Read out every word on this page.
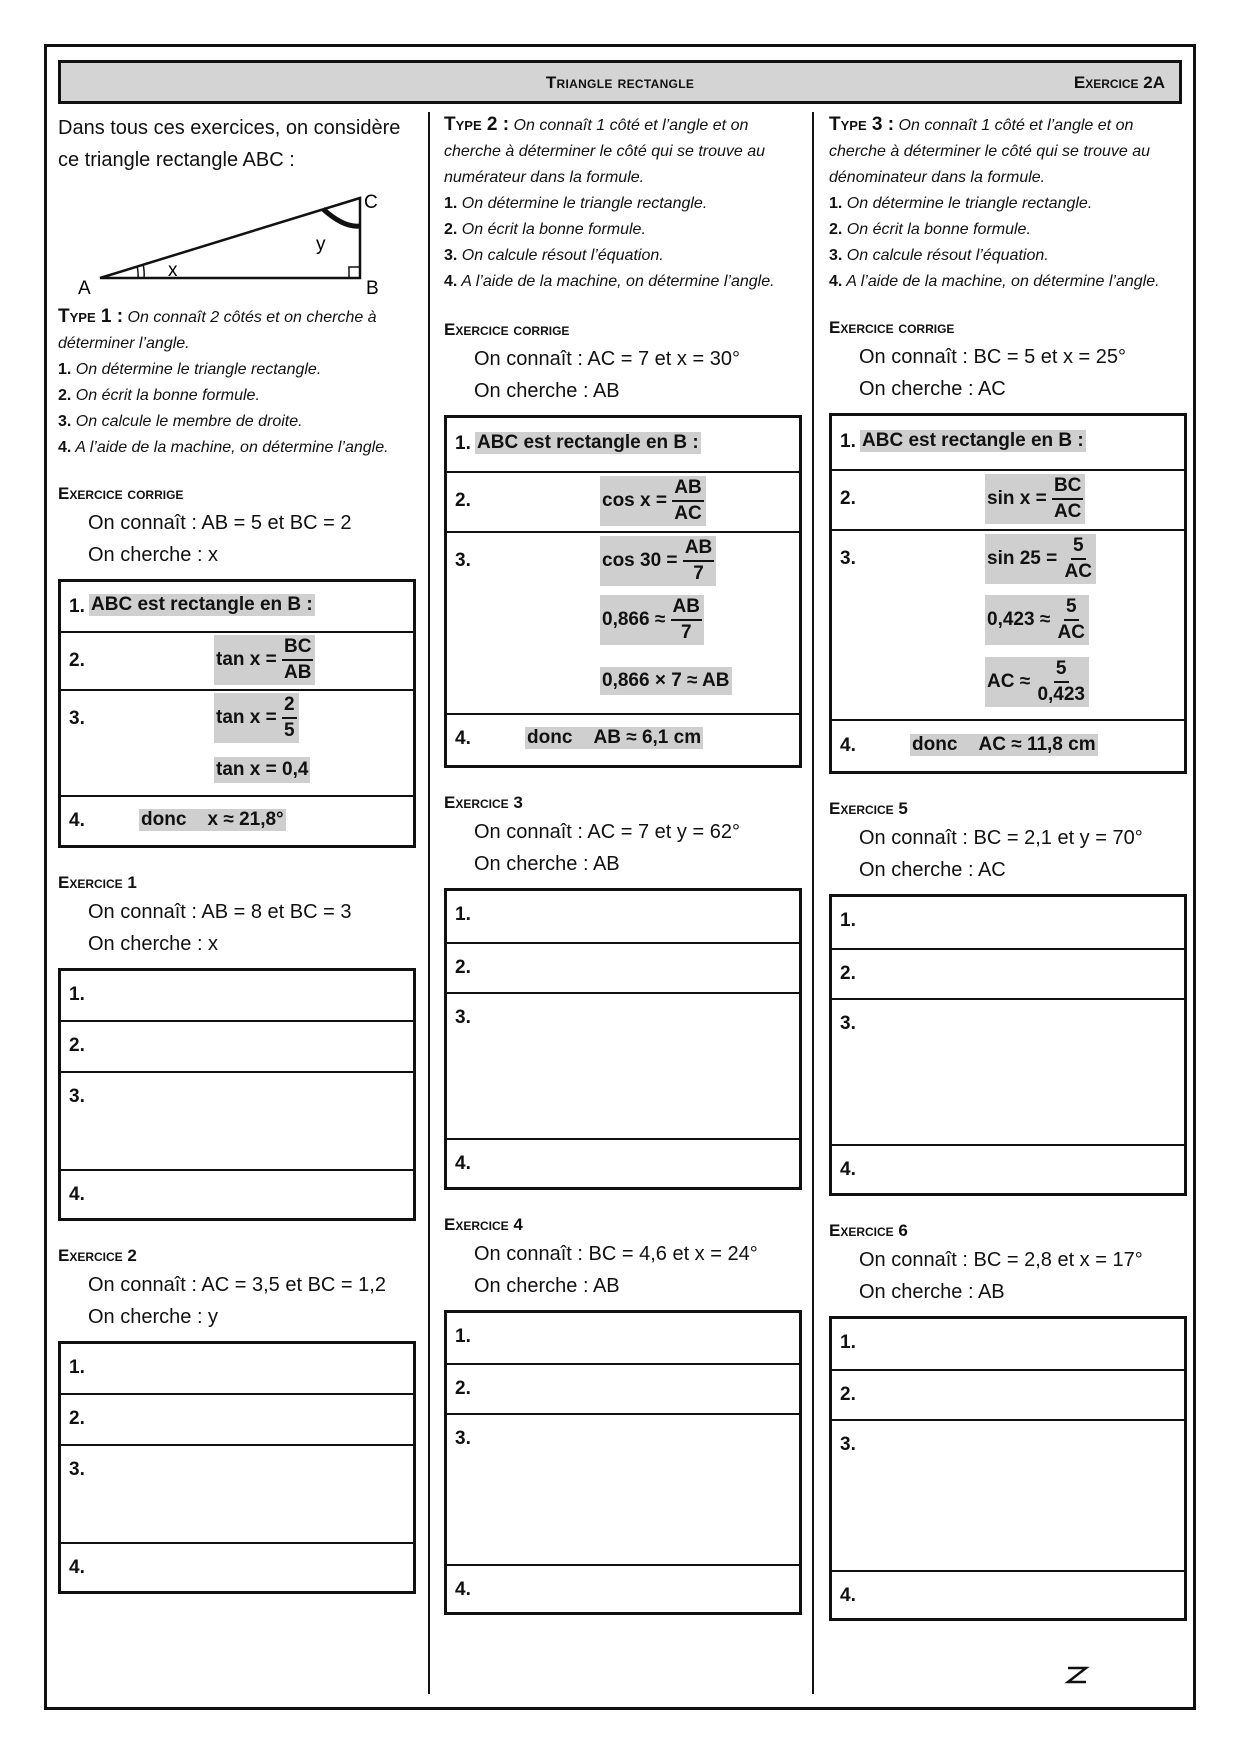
Triangle rectangle	Exercice 2A
Dans tous ces exercices, on considère
ce triangle rectangle ABC :
A	B
C
x
y
Type 1 : On connaît 2 côtés et on cherche à déterminer l’angle.
1. On détermine le triangle rectangle.
2. On écrit la bonne formule.
3. On calcule le membre de droite.
4. A l’aide de la machine, on détermine l’angle.
Exercice corrige
On connaît : AB = 5 et BC = 2
On cherche : x
1. ABC est rectangle en B :
2.	tan x =
$\frac{BC}{AB}$
3.	tan x =
$\frac{2}{5}$
tan x = 0,4
4.	donc x ≈ 21,8°
Exercice 1
On connaît : AB = 8 et BC = 3
On cherche : x
1.
2.
3.
4.
Exercice 2
On connaît : AC = 3,5 et BC = 1,2
On cherche : y
1.
2.
3.
4.
Type 2 : On connaît 1 côté et l’angle et on cherche à déterminer le côté qui se trouve au numérateur dans la formule.
1. On détermine le triangle rectangle.
2. On écrit la bonne formule.
3. On calcule résout l’équation.
4. A l’aide de la machine, on détermine l’angle.
Exercice corrige
On connaît : AC = 7 et x = 30°
On cherche : AB
1. ABC est rectangle en B :
2.	cos x =
$\frac{AB}{AC}$
3.	cos 30 =
$\frac{AB}{7}$
0,866 ≈
$\frac{AB}{7}$
0,866 × 7 ≈ AB
4.	donc AB ≈ 6,1 cm
Exercice 3
On connaît : AC = 7 et y = 62°
On cherche : AB
1.
2.
3.
4.
Exercice 4
On connaît : BC = 4,6 et x = 24°
On cherche : AB
1.
2.
3.
4.
Type 3 : On connaît 1 côté et l’angle et on cherche à déterminer le côté qui se trouve au dénominateur dans la formule.
1. On détermine le triangle rectangle.
2. On écrit la bonne formule.
3. On calcule résout l’équation.
4. A l’aide de la machine, on détermine l’angle.
Exercice corrige
On connaît : BC = 5 et x = 25°
On cherche : AC
1. ABC est rectangle en B :
2.	sin x =
$\frac{BC}{AC}$
3.	sin 25 =
$\frac{5}{AC}$
0,423 ≈
$\frac{5}{AC}$
AC ≈
$\frac{5}{0,423}$
4.	donc AC ≈ 11,8 cm
Exercice 5
On connaît : BC = 2,1 et y = 70°
On cherche : AC
1.
2.
3.
4.
Exercice 6
On connaît : BC = 2,8 et x = 17°
On cherche : AB
1.
2.
3.
4.
